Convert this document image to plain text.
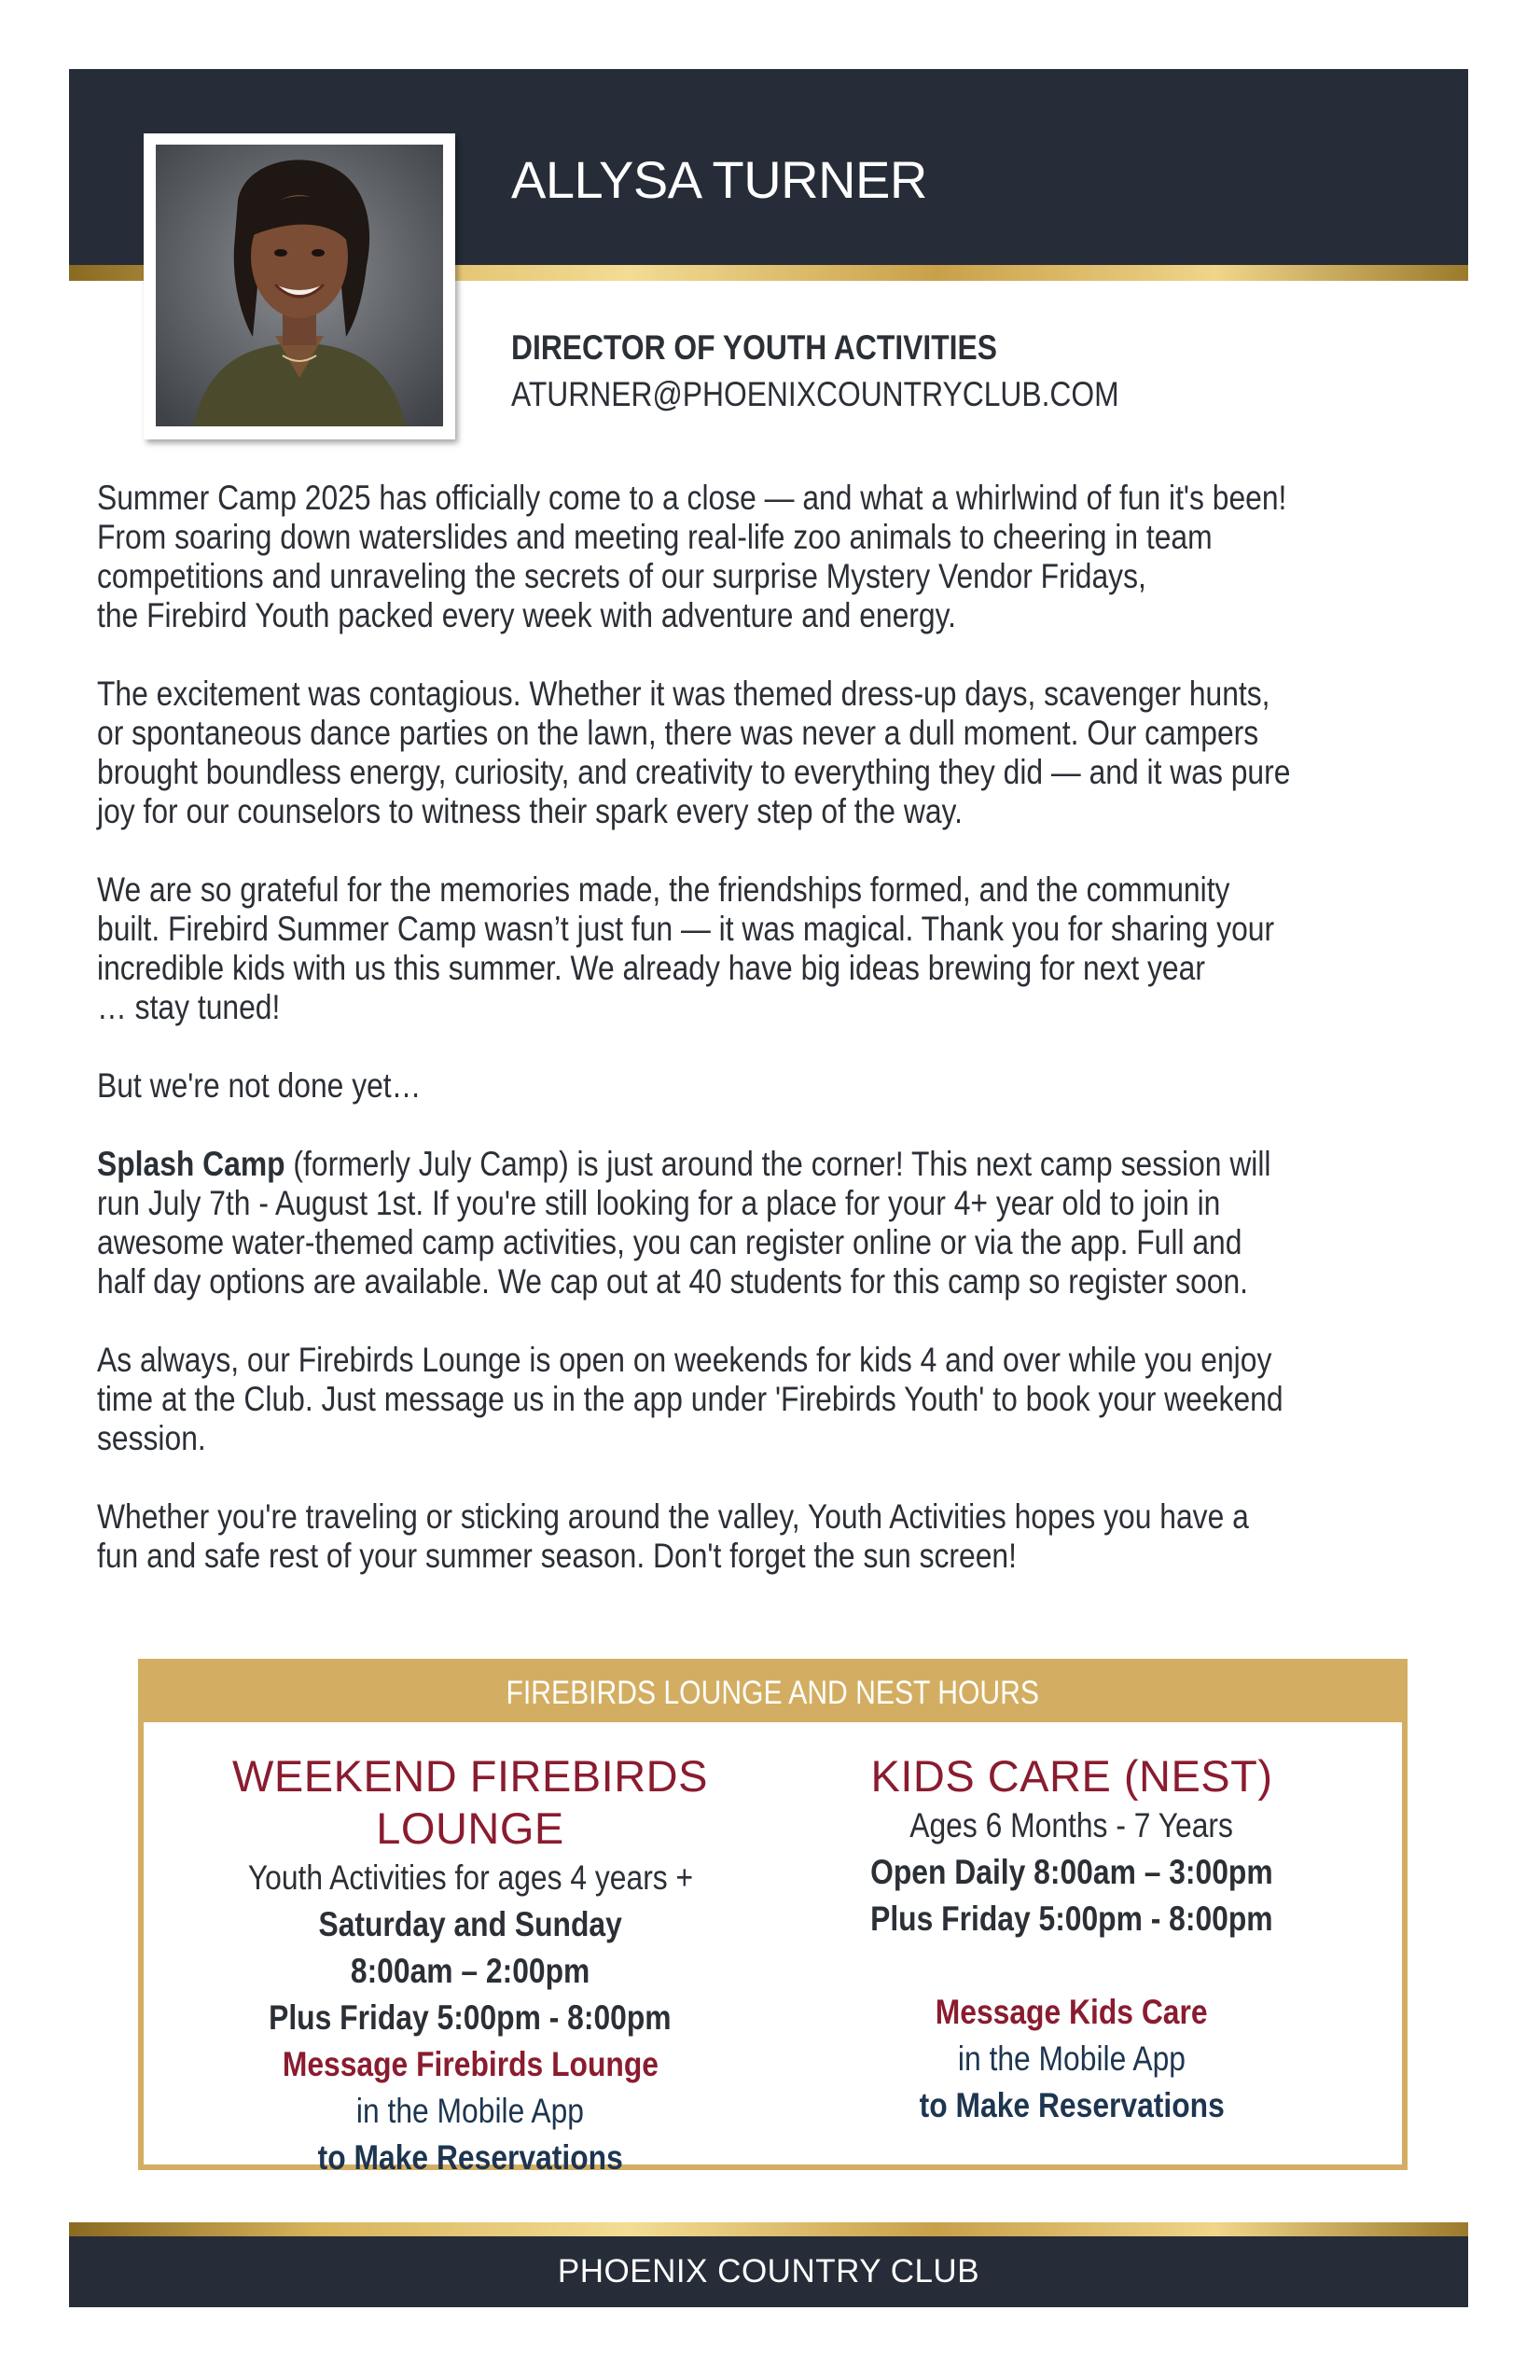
ALLYSA TURNER
DIRECTOR OF YOUTH ACTIVITIES
ATURNER@PHOENIXCOUNTRYCLUB.COM

Summer Camp 2025 has officially come to a close — and what a whirlwind of fun it's been!
From soaring down waterslides and meeting real-life zoo animals to cheering in team
competitions and unraveling the secrets of our surprise Mystery Vendor Fridays,
the Firebird Youth packed every week with adventure and energy.

The excitement was contagious. Whether it was themed dress-up days, scavenger hunts,
or spontaneous dance parties on the lawn, there was never a dull moment. Our campers
brought boundless energy, curiosity, and creativity to everything they did — and it was pure
joy for our counselors to witness their spark every step of the way.

We are so grateful for the memories made, the friendships formed, and the community
built. Firebird Summer Camp wasn’t just fun — it was magical. Thank you for sharing your
incredible kids with us this summer. We already have big ideas brewing for next year
… stay tuned!

But we're not done yet…

Splash Camp (formerly July Camp) is just around the corner! This next camp session will
run July 7th - August 1st. If you're still looking for a place for your 4+ year old to join in
awesome water-themed camp activities, you can register online or via the app. Full and
half day options are available. We cap out at 40 students for this camp so register soon.

As always, our Firebirds Lounge is open on weekends for kids 4 and over while you enjoy
time at the Club. Just message us in the app under 'Firebirds Youth' to book your weekend
session.

Whether you're traveling or sticking around the valley, Youth Activities hopes you have a
fun and safe rest of your summer season. Don't forget the sun screen!

FIREBIRDS LOUNGE AND NEST HOURS
WEEKEND FIREBIRDS LOUNGE
Youth Activities for ages 4 years +
Saturday and Sunday
8:00am – 2:00pm
Plus Friday 5:00pm - 8:00pm
Message Firebirds Lounge
in the Mobile App
to Make Reservations
KIDS CARE (NEST)
Ages 6 Months - 7 Years
Open Daily 8:00am – 3:00pm
Plus Friday 5:00pm - 8:00pm

Message Kids Care
in the Mobile App
to Make Reservations
PHOENIX COUNTRY CLUB
